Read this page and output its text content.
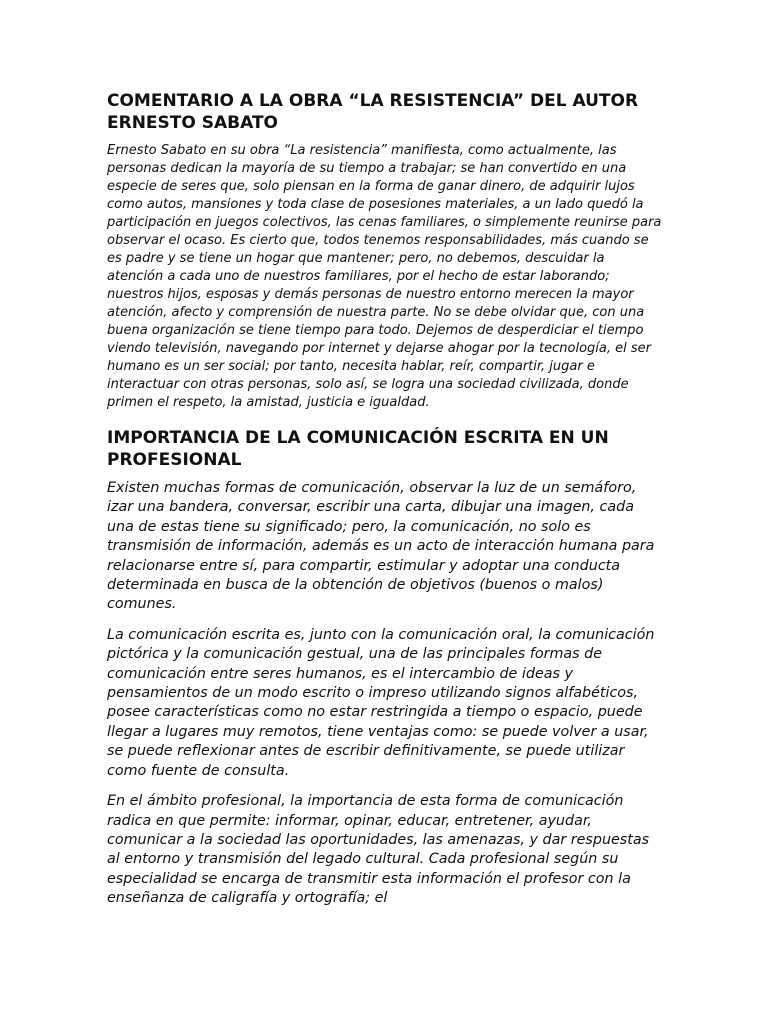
COMENTARIO A LA OBRA “LA RESISTENCIA” DEL AUTOR ERNESTO SABATO

Ernesto Sabato en su obra “La resistencia” manifiesta, como actualmente, las personas dedican la mayoría de su tiempo a trabajar; se han convertido en una especie de seres que, solo piensan en la forma de ganar dinero, de adquirir lujos como autos, mansiones y toda clase de posesiones materiales, a un lado quedó la participación en juegos colectivos, las cenas familiares, o simplemente reunirse para observar el ocaso. Es cierto que, todos tenemos responsabilidades, más cuando se es padre y se tiene un hogar que mantener; pero, no debemos, descuidar la atención a cada uno de nuestros familiares, por el hecho de estar laborando; nuestros hijos, esposas y demás personas de nuestro entorno merecen la mayor atención, afecto y comprensión de nuestra parte. No se debe olvidar que, con una buena organización se tiene tiempo para todo. Dejemos de desperdiciar el tiempo viendo televisión, navegando por internet y dejarse ahogar por la tecnología, el ser humano es un ser social; por tanto, necesita hablar, reír, compartir, jugar e interactuar con otras personas, solo así, se logra una sociedad civilizada, donde primen el respeto, la amistad, justicia e igualdad.

IMPORTANCIA DE LA COMUNICACIÓN ESCRITA EN UN PROFESIONAL

Existen muchas formas de comunicación, observar la luz de un semáforo, izar una bandera, conversar, escribir una carta, dibujar una imagen, cada una de estas tiene su significado; pero, la comunicación, no solo es transmisión de información, además es un acto de interacción humana para relacionarse entre sí, para compartir, estimular y adoptar una conducta determinada en busca de la obtención de objetivos (buenos o malos) comunes.

La comunicación escrita es, junto con la comunicación oral, la comunicación pictórica y la comunicación gestual, una de las principales formas de comunicación entre seres humanos, es el intercambio de ideas y pensamientos de un modo escrito o impreso utilizando signos alfabéticos, posee características como no estar restringida a tiempo o espacio, puede llegar a lugares muy remotos, tiene ventajas como: se puede volver a usar, se puede reflexionar antes de escribir definitivamente, se puede utilizar como fuente de consulta.

En el ámbito profesional, la importancia de esta forma de comunicación radica en que permite: informar, opinar, educar, entretener, ayudar, comunicar a la sociedad las oportunidades, las amenazas, y dar respuestas al entorno y transmisión del legado cultural. Cada profesional según su especialidad se encarga de transmitir esta información el profesor con la enseñanza de caligrafía y ortografía; el
